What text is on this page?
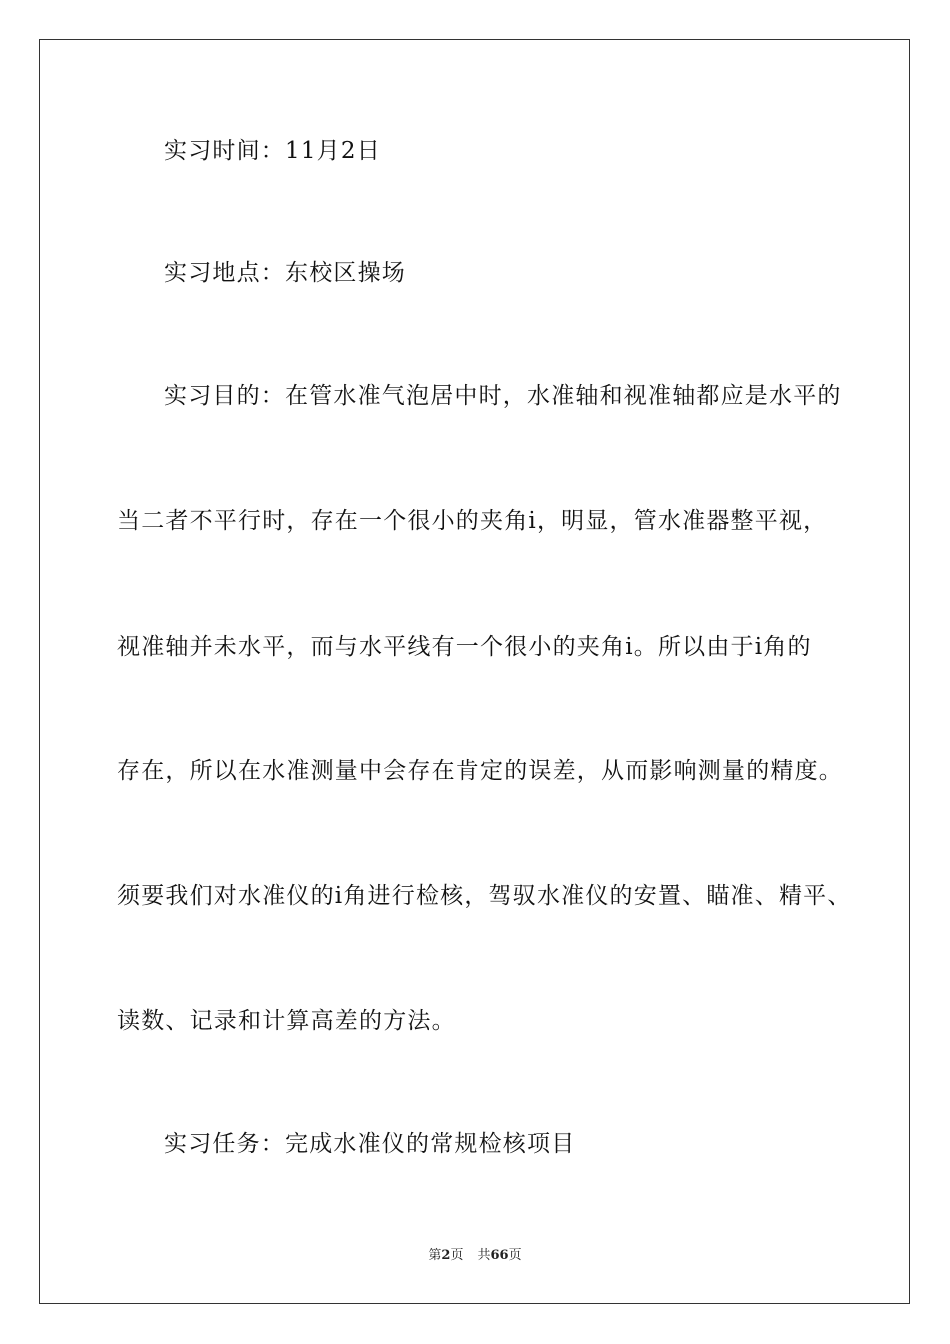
实习时间：11月2日
实习地点：东校区操场
实习目的：在管水准气泡居中时，水准轴和视准轴都应是水平的
当二者不平行时，存在一个很小的夹角i，明显，管水准器整平视，
视准轴并未水平，而与水平线有一个很小的夹角i。所以由于i角的
存在，所以在水准测量中会存在肯定的误差，从而影响测量的精度。
须要我们对水准仪的i角进行检核，驾驭水准仪的安置、瞄准、精平、
读数、记录和计算高差的方法。
实习任务：完成水准仪的常规检核项目
第2页 共66页
